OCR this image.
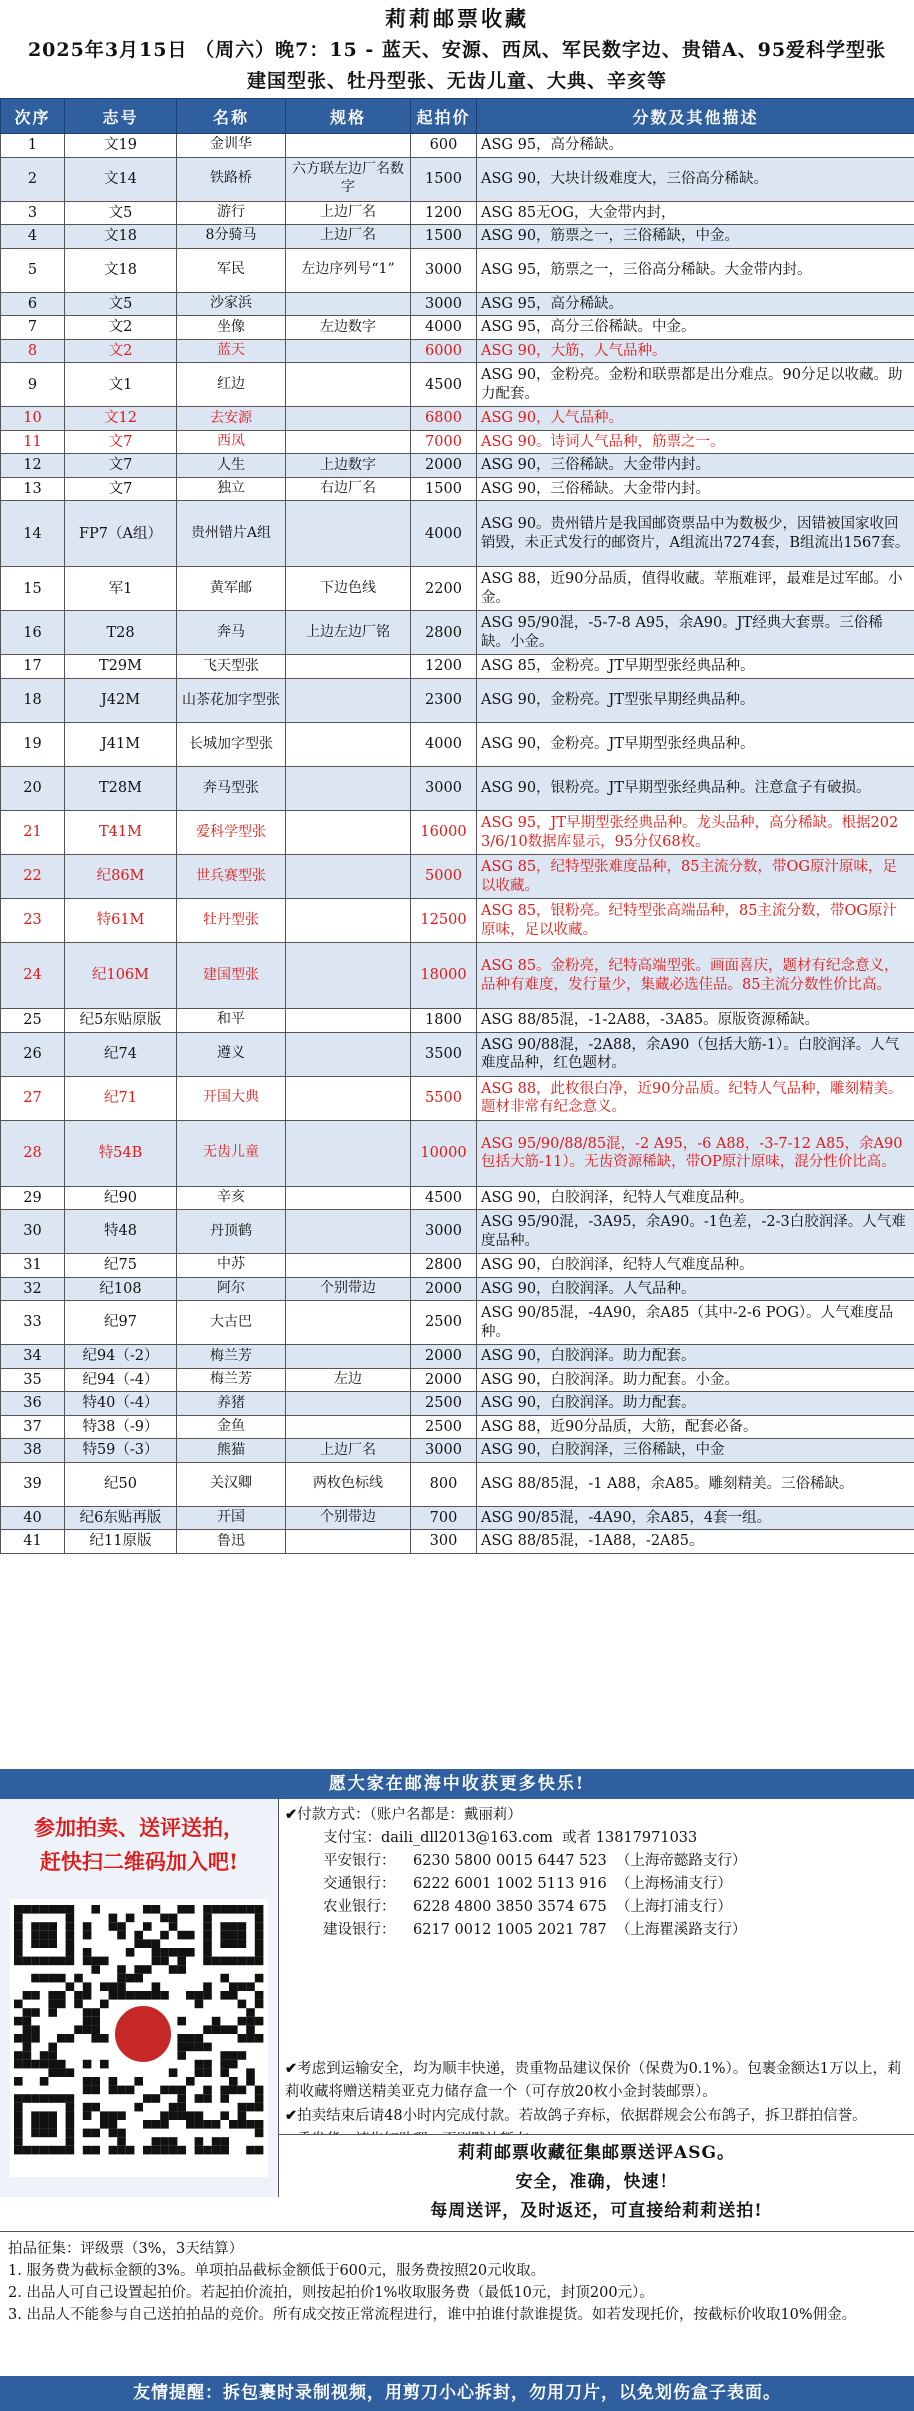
莉莉邮票收藏
2025年3月15日 （周六）晚7：15 - 蓝天、安源、西凤、军民数字边、贵错A、95爱科学型张
建国型张、牡丹型张、无齿儿童、大典、辛亥等
次序	志号	名称	规格	起拍价	分数及其他描述
1	文19	金训华		600	ASG 95，高分稀缺。
2	文14	铁路桥	六方联左边厂名数字	1500	ASG 90，大块计级难度大，三俗高分稀缺。
3	文5	游行	上边厂名	1200	ASG 85无OG，大金带内封，
4	文18	8分骑马	上边厂名	1500	ASG 90，筋票之一，三俗稀缺，中金。
5	文18	军民	左边序列号“1”	3000	ASG 95，筋票之一，三俗高分稀缺。大金带内封。
6	文5	沙家浜		3000	ASG 95，高分稀缺。
7	文2	坐像	左边数字	4000	ASG 95，高分三俗稀缺。中金。
8	文2	蓝天		6000	ASG 90，大筋，人气品种。
9	文1	红边		4500	ASG 90，金粉亮。金粉和联票都是出分难点。90分足以收藏。助力配套。
10	文12	去安源		6800	ASG 90，人气品种。
11	文7	西凤		7000	ASG 90。诗词人气品种，筋票之一。
12	文7	人生	上边数字	2000	ASG 90，三俗稀缺。大金带内封。
13	文7	独立	右边厂名	1500	ASG 90，三俗稀缺。大金带内封。
14	FP7（A组）	贵州错片A组		4000	ASG 90。贵州错片是我国邮资票品中为数极少，因错被国家收回销毁，未正式发行的邮资片，A组流出7274套，B组流出1567套。
15	军1	黄军邮	下边色线	2200	ASG 88，近90分品质，值得收藏。苹瓶难评，最难是过军邮。小金。
16	T28	奔马	上边左边厂铭	2800	ASG 95/90混，-5-7-8 A95，余A90。JT经典大套票。三俗稀缺。小金。
17	T29M	飞天型张		1200	ASG 85，金粉亮。JT早期型张经典品种。
18	J42M	山茶花加字型张		2300	ASG 90，金粉亮。JT型张早期经典品种。
19	J41M	长城加字型张		4000	ASG 90，金粉亮。JT早期型张经典品种。
20	T28M	奔马型张		3000	ASG 90，银粉亮。JT早期型张经典品种。注意盒子有破损。
21	T41M	爱科学型张		16000	ASG 95，JT早期型张经典品种。龙头品种，高分稀缺。根据2023/6/10数据库显示，95分仅68枚。
22	纪86M	世兵赛型张		5000	ASG 85，纪特型张难度品种，85主流分数，带OG原汁原味，足以收藏。
23	特61M	牡丹型张		12500	ASG 85，银粉亮。纪特型张高端品种，85主流分数，带OG原汁原味，足以收藏。
24	纪106M	建国型张		18000	ASG 85。金粉亮，纪特高端型张。画面喜庆，题材有纪念意义，品种有难度，发行量少，集藏必选佳品。85主流分数性价比高。
25	纪5东贴原版	和平		1800	ASG 88/85混，-1-2A88，-3A85。原版资源稀缺。
26	纪74	遵义		3500	ASG 90/88混，-2A88，余A90（包括大筋-1）。白胶润泽。人气难度品种，红色题材。
27	纪71	开国大典		5500	ASG 88，此枚很白净，近90分品质。纪特人气品种，雕刻精美。题材非常有纪念意义。
28	特54B	无齿儿童		10000	ASG 95/90/88/85混，-2 A95，-6 A88，-3-7-12 A85，余A90包括大筋-11）。无齿资源稀缺，带OP原汁原味，混分性价比高。
29	纪90	辛亥		4500	ASG 90，白胶润泽，纪特人气难度品种。
30	特48	丹顶鹤		3000	ASG 95/90混，-3A95，余A90。-1色差，-2-3白胶润泽。人气难度品种。
31	纪75	中苏		2800	ASG 90，白胶润泽，纪特人气难度品种。
32	纪108	阿尔	个别带边	2000	ASG 90，白胶润泽。人气品种。
33	纪97	大古巴		2500	ASG 90/85混，-4A90，余A85（其中-2-6 POG）。人气难度品种。
34	纪94（-2）	梅兰芳		2000	ASG 90，白胶润泽。助力配套。
35	纪94（-4）	梅兰芳	左边	2000	ASG 90，白胶润泽。助力配套。小金。
36	特40（-4）	养猪		2500	ASG 90，白胶润泽。助力配套。
37	特38（-9）	金鱼		2500	ASG 88，近90分品质，大筋，配套必备。
38	特59（-3）	熊猫	上边厂名	3000	ASG 90，白胶润泽，三俗稀缺，中金
39	纪50	关汉卿	两枚色标线	800	ASG 88/85混，-1 A88，余A85。雕刻精美。三俗稀缺。
40	纪6东贴再版	开国	个别带边	700	ASG 90/85混，-4A90，余A85，4套一组。
41	纪11原版	鲁迅		300	ASG 88/85混，-1A88，-2A85。
愿大家在邮海中收获更多快乐!
参加拍卖、送评送拍，
赶快扫二维码加入吧!
✔付款方式：（账户名都是：戴丽莉）
支付宝：daili_dll2013@163.com 或者 13817971033
平安银行： 6230 5800 0015 6447 523 （上海帝懿路支行）
交通银行： 6222 6001 1002 5113 916 （上海杨浦支行）
农业银行： 6228 4800 3850 3574 675 （上海打浦支行）
建设银行： 6217 0012 1005 2021 787 （上海瞿溪路支行）
✔考虑到运输安全，均为顺丰快递，贵重物品建议保价（保费为0.1%）。包裹金额达1万以上，莉莉收藏将赠送精美亚克力储存盒一个（可存放20枚小金封装邮票）。
✔拍卖结束后请48小时内完成付款。若故鸽子弃标，依据群规会公布鸽子，拆卫群拍信誉。
莉莉邮票收藏征集邮票送评ASG。
安全，准确，快速！
每周送评，及时返还，可直接给莉莉送拍!
拍品征集：评级票（3%，3天结算）
1. 服务费为截标金额的3%。单项拍品截标金额低于600元，服务费按照20元收取。
2. 出品人可自己设置起拍价。若起拍价流拍，则按起拍价1%收取服务费（最低10元，封顶200元）。
3. 出品人不能参与自己送拍拍品的竞价。所有成交按正常流程进行，谁中拍谁付款谁提货。如若发现托价，按截标价收取10%佣金。
友情提醒：拆包裹时录制视频，用剪刀小心拆封，勿用刀片，以免划伤盒子表面。
